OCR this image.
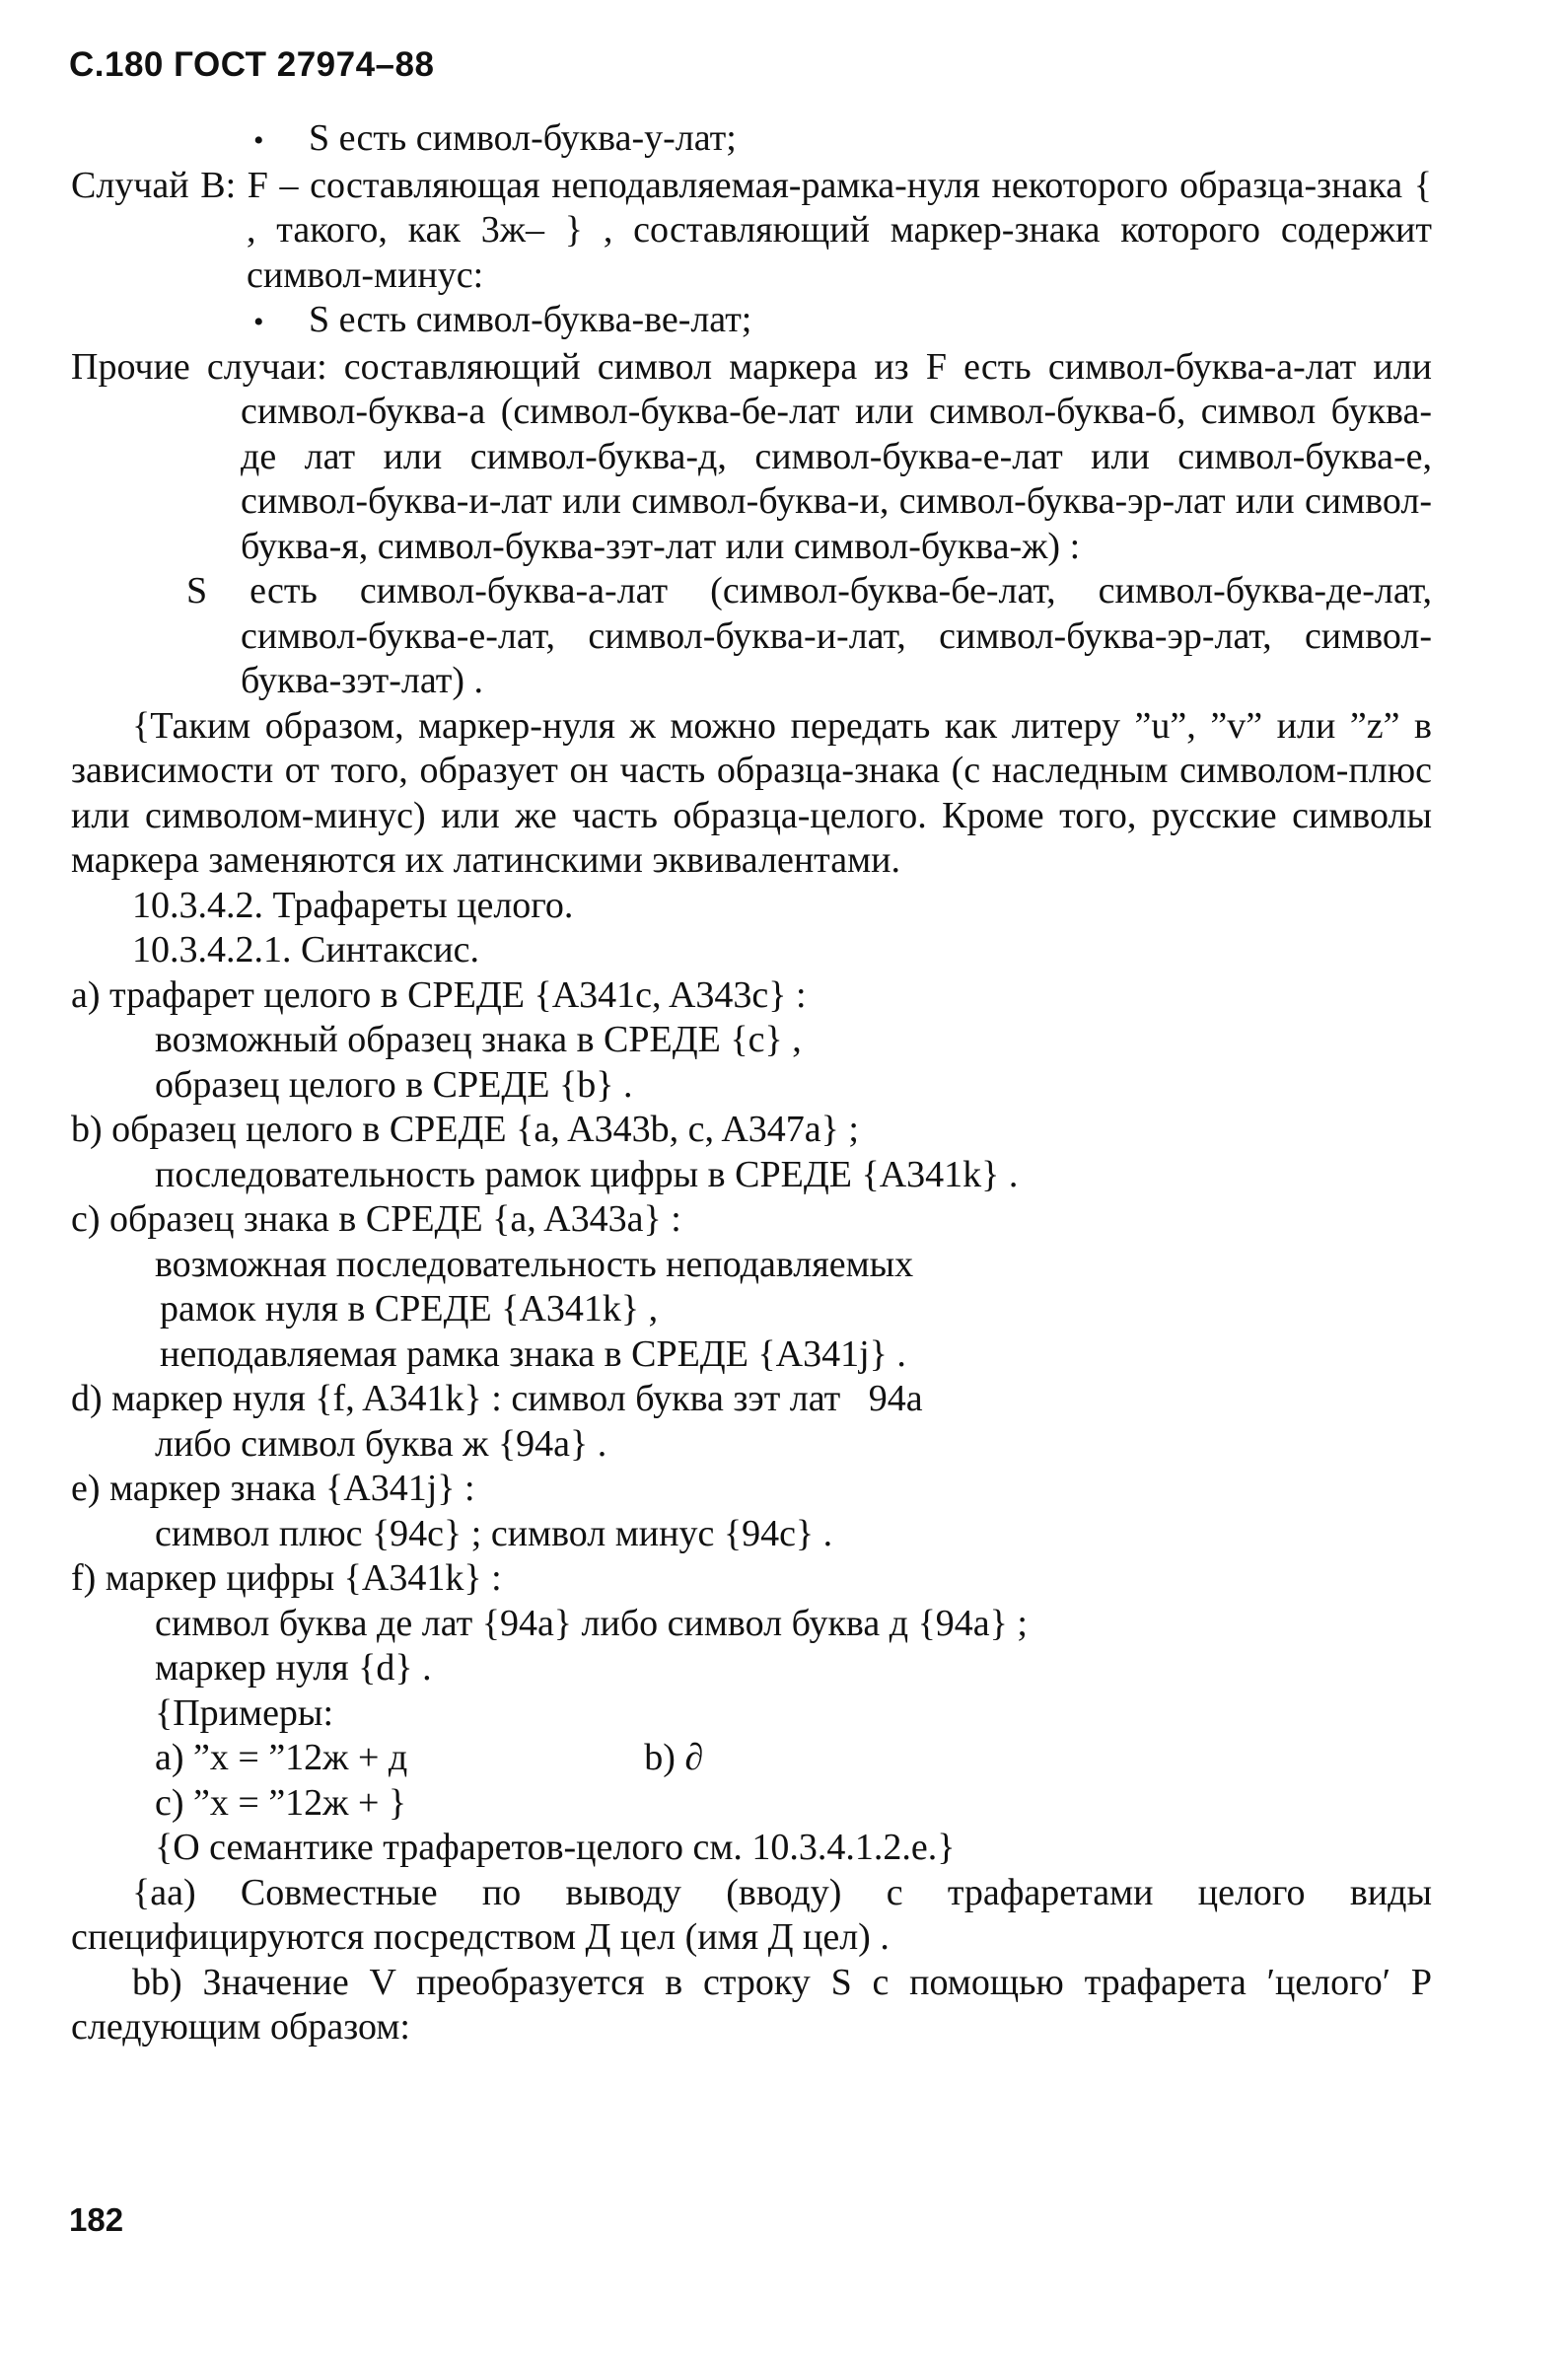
С.180 ГОСТ 27974–88

• S есть символ-буква-у-лат;

Случай В: F – составляющая неподавляемая-рамка-нуля некоторого образца-знака { , такого, как 3ж– } , составляющий маркер-знака которого содержит символ-минус:

• S есть символ-буква-ве-лат;

Прочие случаи: составляющий символ маркера из F есть символ-буква-а-лат или символ-буква-а (символ-буква-бе-лат или символ-буква-б, символ буква-де лат или символ-буква-д, символ-буква-е-лат или символ-буква-е, символ-буква-и-лат или символ-буква-и, символ-буква-эр-лат или символ-буква-я, символ-буква-зэт-лат или символ-буква-ж) :

S есть символ-буква-а-лат (символ-буква-бе-лат, символ-буква-де-лат, символ-буква-е-лат, символ-буква-и-лат, символ-буква-эр-лат, символ-буква-зэт-лат) .

{Таким образом, маркер-нуля ж можно передать как литеру ”u”, ”v” или ”z” в зависимости от того, образует он часть образца-знака (с наследным символом-плюс или символом-минус) или же часть образца-целого. Кроме того, русские символы маркера заменяются их латинскими эквивалентами.

10.3.4.2. Трафареты целого.

10.3.4.2.1. Синтаксис.

a) трафарет целого в СРЕДЕ {A341c, A343c} :

возможный образец знака в СРЕДЕ {c} ,

образец целого в СРЕДЕ {b} .

b) образец целого в СРЕДЕ {a, A343b, c, A347a} ;

последовательность рамок цифры в СРЕДЕ {A341k} .

c) образец знака в СРЕДЕ {a, A343a} :

возможная последовательность неподавляемых

рамок нуля в СРЕДЕ {A341k} ,

неподавляемая рамка знака в СРЕДЕ {A341j} .

d) маркер нуля {f, A341k} : символ буква зэт лат   94a

либо символ буква ж {94a} .

e) маркер знака {A341j} :

символ плюс {94c} ; символ минус {94c} .

f) маркер цифры {A341k} :

символ буква де лат {94a} либо символ буква д {94a} ;

маркер нуля {d} .

{Примеры:

a) ”x = ”12ж + д	b) ∂

c) ”x = ”12ж + }

{О семантике трафаретов-целого см. 10.3.4.1.2.е.}

{aa) Совместные по выводу (вводу) с трафаретами целого виды специфицируются посредством Д цел (имя Д цел) .

bb) Значение V преобразуется в строку S с помощью трафарета ′целого′ P следующим образом:

182
